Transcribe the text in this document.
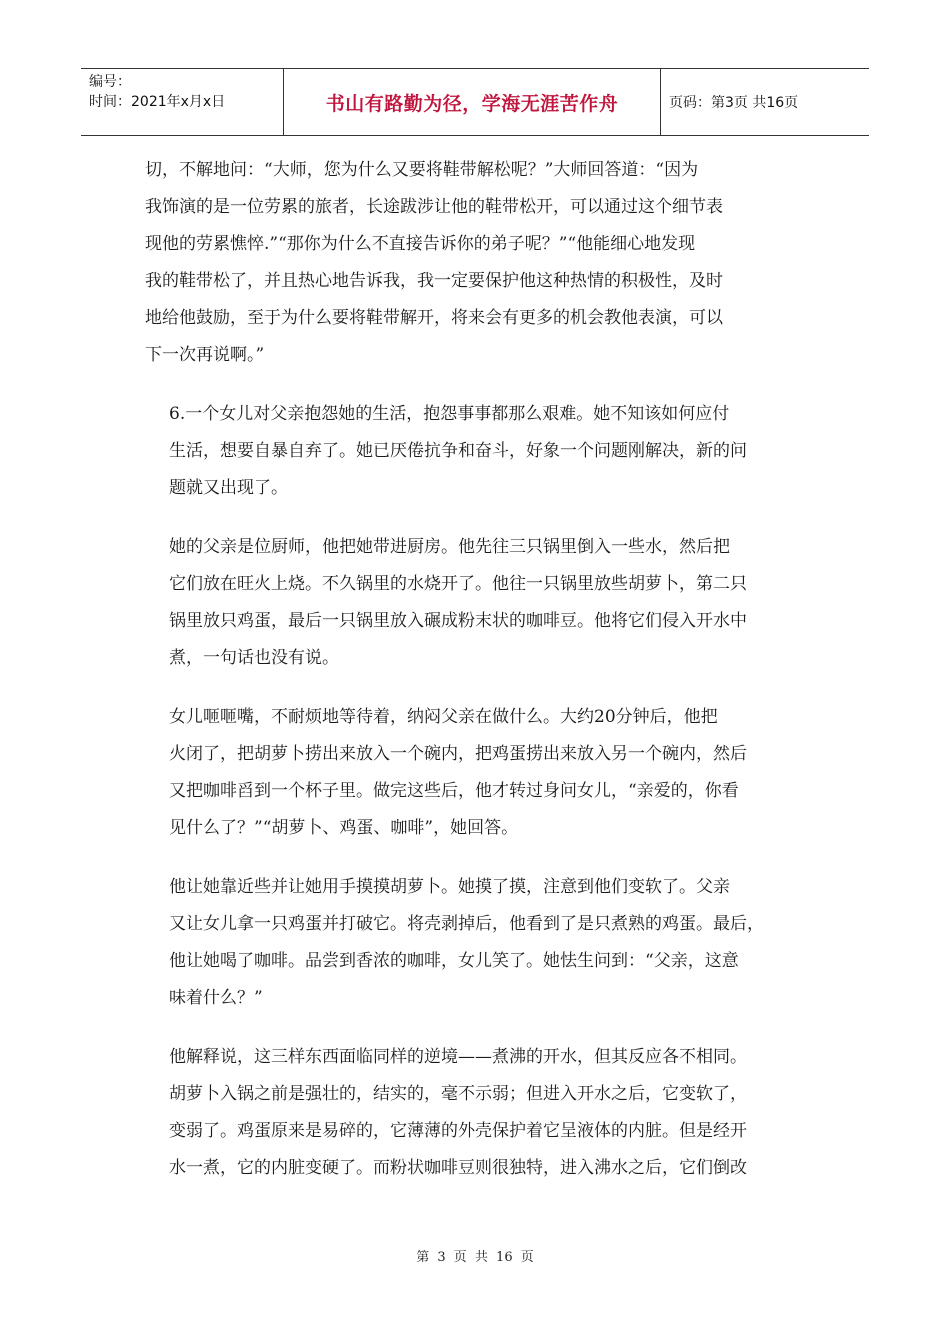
编号：
时间：2021年x月x日	书山有路勤为径，学海无涯苦作舟	页码：第3页 共16页

切，不解地问：“大师，您为什么又要将鞋带解松呢？”大师回答道：“因为
我饰演的是一位劳累的旅者，长途跋涉让他的鞋带松开，可以通过这个细节表
现他的劳累憔悴.”“那你为什么不直接告诉你的弟子呢？”“他能细心地发现
我的鞋带松了，并且热心地告诉我，我一定要保护他这种热情的积极性，及时
地给他鼓励，至于为什么要将鞋带解开，将来会有更多的机会教他表演，可以
下一次再说啊。”

6.一个女儿对父亲抱怨她的生活，抱怨事事都那么艰难。她不知该如何应付
生活，想要自暴自弃了。她已厌倦抗争和奋斗，好象一个问题刚解决，新的问
题就又出现了。

她的父亲是位厨师，他把她带进厨房。他先往三只锅里倒入一些水，然后把
它们放在旺火上烧。不久锅里的水烧开了。他往一只锅里放些胡萝卜，第二只
锅里放只鸡蛋，最后一只锅里放入碾成粉末状的咖啡豆。他将它们侵入开水中
煮，一句话也没有说。

女儿咂咂嘴，不耐烦地等待着，纳闷父亲在做什么。大约20分钟后，他把
火闭了，把胡萝卜捞出来放入一个碗内，把鸡蛋捞出来放入另一个碗内，然后
又把咖啡舀到一个杯子里。做完这些后，他才转过身问女儿，“亲爱的，你看
见什么了？”“胡萝卜、鸡蛋、咖啡”，她回答。

他让她靠近些并让她用手摸摸胡萝卜。她摸了摸，注意到他们变软了。父亲
又让女儿拿一只鸡蛋并打破它。将壳剥掉后，他看到了是只煮熟的鸡蛋。最后，
他让她喝了咖啡。品尝到香浓的咖啡，女儿笑了。她怯生问到：“父亲，这意
味着什么？”

他解释说，这三样东西面临同样的逆境——煮沸的开水，但其反应各不相同。
胡萝卜入锅之前是强壮的，结实的，毫不示弱；但进入开水之后，它变软了，
变弱了。鸡蛋原来是易碎的，它薄薄的外壳保护着它呈液体的内脏。但是经开
水一煮，它的内脏变硬了。而粉状咖啡豆则很独特，进入沸水之后，它们倒改

第 3 页 共 16 页
